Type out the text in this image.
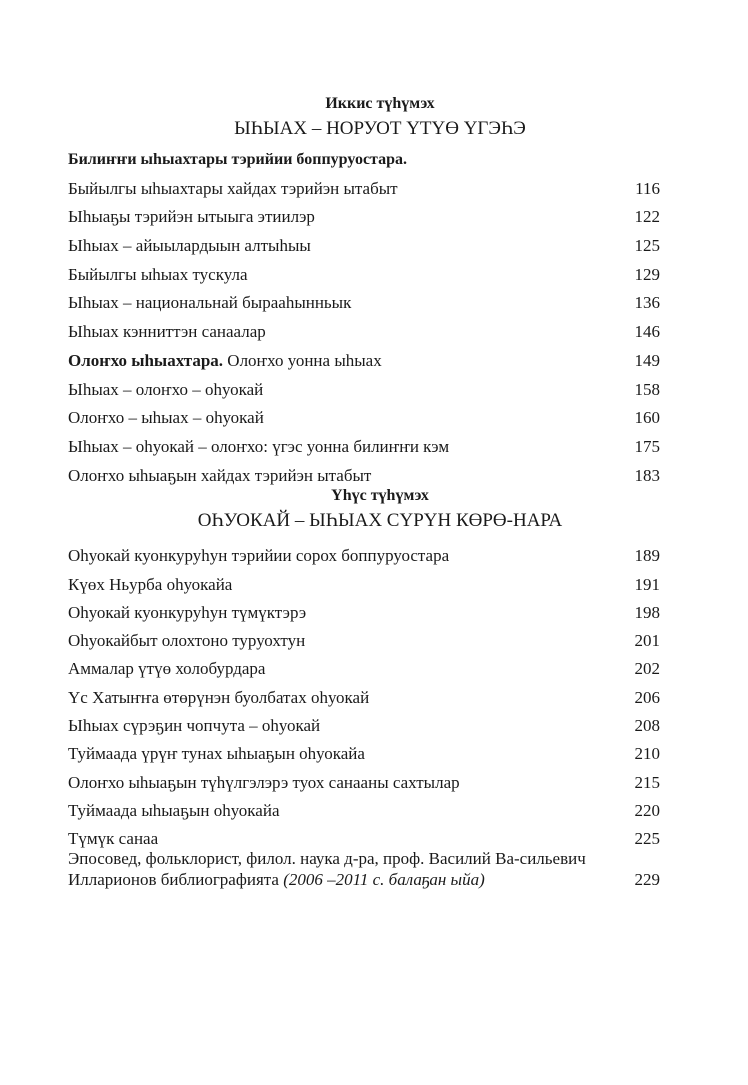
Иккис түһүмэх
ЫҺЫАХ – НОРУОТ ҮТҮӨ ҮГЭҺЭ
Билиҥҥи ыһыахтары тэрийии боппуруостара.
Быйылгы ыһыахтары хайдах тэрийэн ытабыт	116
Ыһыаҕы тэрийэн ытыыга этиилэр	122
Ыһыах – айыылардыын алтыһыы	125
Быйылгы ыһыах тускула	129
Ыһыах – национальнай бырааһынньык	136
Ыһыах кэнниттэн санаалар	146
Олоҥхо ыһыахтара. Олоҥхо уонна ыһыах	149
Ыһыах – олоҥхо – оһуокай	158
Олоҥхо – ыһыах – оһуокай	160
Ыһыах – оһуокай – олоҥхо: үгэс уонна билиҥҥи кэм	175
Олоҥхо ыһыаҕын хайдах тэрийэн ытабыт	183
Үһүс түһүмэх
ОҺУОКАЙ – ЫҺЫАХ СҮРҮН КӨРӨ-НАРА
Оһуокай куонкуруһун тэрийии сорох боппуруостара	189
Күөх Ньурба оһуокайа	191
Оһуокай куонкуруһун түмүктэрэ	198
Оһуокайбыт олохтоно туруохтун	201
Аммалар үтүө холобурдара	202
Үс Хатыҥҥа өтөрүнэн буолбатах оһуокай	206
Ыһыах сүрэҕин чопчута – оһуокай	208
Туймаада үрүҥ тунах ыһыаҕын оһуокайа	210
Олоҥхо ыһыаҕын түһүлгэлэрэ туох санааны сахтылар	215
Туймаада ыһыаҕын оһуокайа	220
Түмүк санаа	225
Эпосовед, фольклорист, филол. наука д-ра, проф. Василий Ва-сильевич Илларионов библиографията (2006 –2011 с. балаҕан ыйа)	229
